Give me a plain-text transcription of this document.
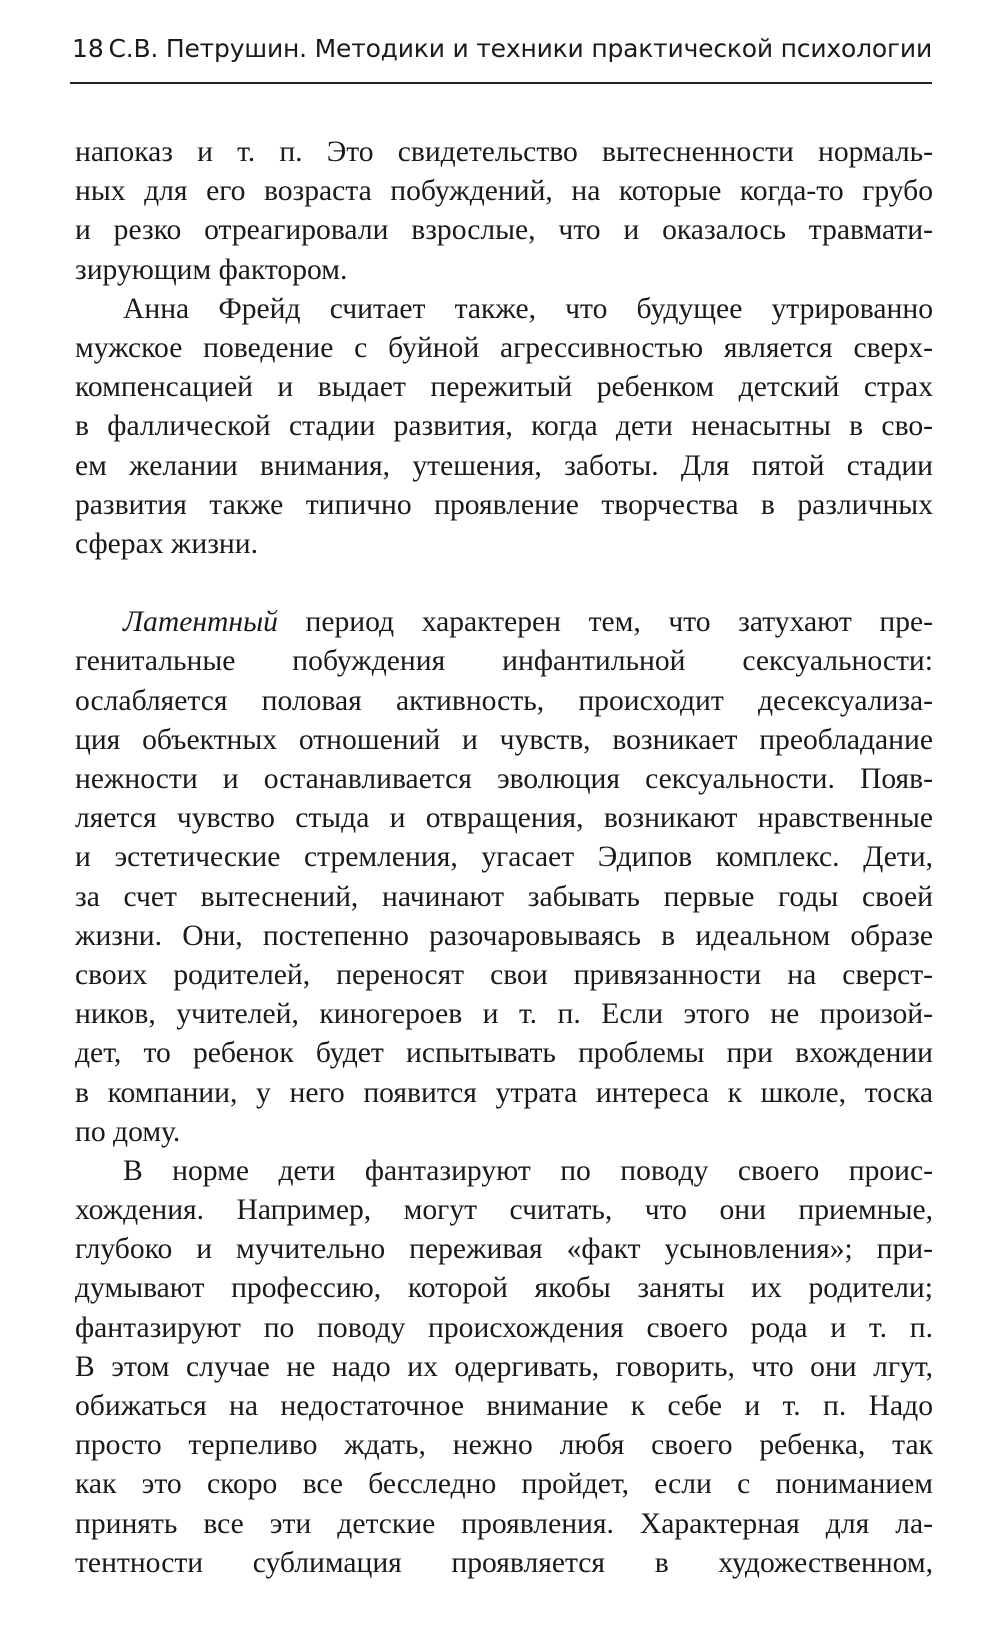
18 С.В. Петрушин. Методики и техники практической психологии
напоказ и т. п. Это свидетельство вытесненности нормаль-
ных для его возраста побуждений, на которые когда-то грубо
и резко отреагировали взрослые, что и оказалось травмати-
зирующим фактором.
Анна Фрейд считает также, что будущее утрированно
мужское поведение с буйной агрессивностью является сверх-
компенсацией и выдает пережитый ребенком детский страх
в фаллической стадии развития, когда дети ненасытны в сво-
ем желании внимания, утешения, заботы. Для пятой стадии
развития также типично проявление творчества в различных
сферах жизни.
Латентный период характерен тем, что затухают пре-
генитальные побуждения инфантильной сексуальности:
ослабляется половая активность, происходит десексуализа-
ция объектных отношений и чувств, возникает преобладание
нежности и останавливается эволюция сексуальности. Появ-
ляется чувство стыда и отвращения, возникают нравственные
и эстетические стремления, угасает Эдипов комплекс. Дети,
за счет вытеснений, начинают забывать первые годы своей
жизни. Они, постепенно разочаровываясь в идеальном образе
своих родителей, переносят свои привязанности на сверст-
ников, учителей, киногероев и т. п. Если этого не произой-
дет, то ребенок будет испытывать проблемы при вхождении
в компании, у него появится утрата интереса к школе, тоска
по дому.
В норме дети фантазируют по поводу своего проис-
хождения. Например, могут считать, что они приемные,
глубоко и мучительно переживая «факт усыновления»; при-
думывают профессию, которой якобы заняты их родители;
фантазируют по поводу происхождения своего рода и т. п.
В этом случае не надо их одергивать, говорить, что они лгут,
обижаться на недостаточное внимание к себе и т. п. Надо
просто терпеливо ждать, нежно любя своего ребенка, так
как это скоро все бесследно пройдет, если с пониманием
принять все эти детские проявления. Характерная для ла-
тентности сублимация проявляется в художественном,
